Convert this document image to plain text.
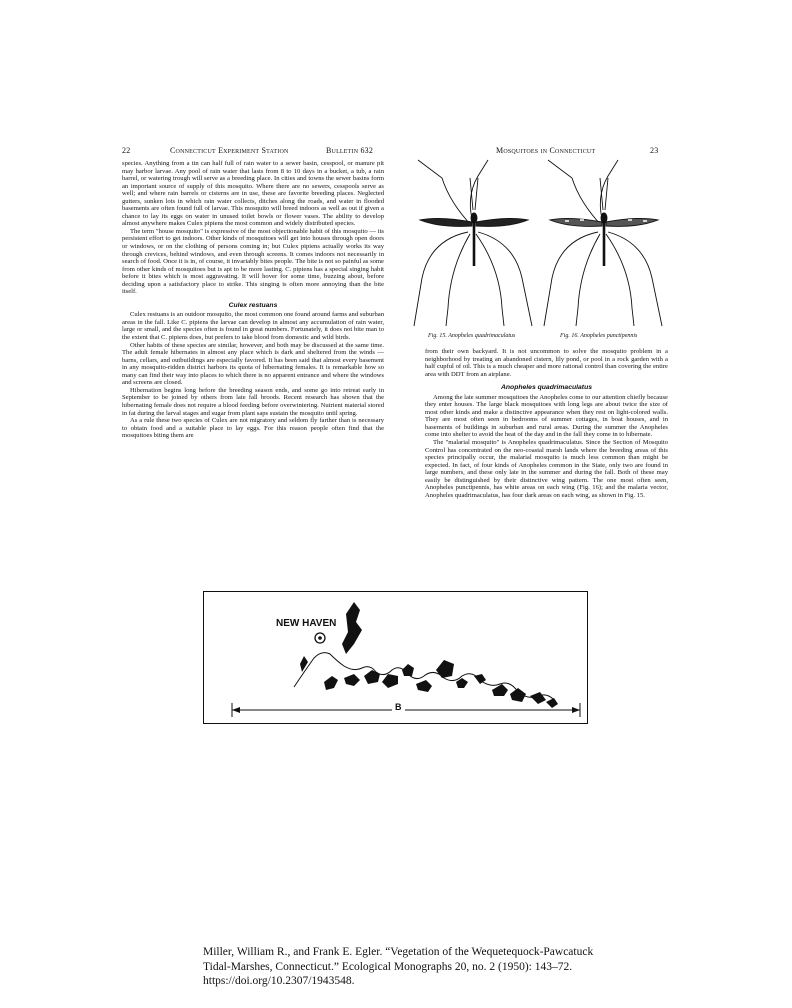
22	Connecticut Experiment Station	Bulletin 632	Mosquitoes in Connecticut	23

species. Anything from a tin can half full of rain water to a sewer basin, cesspool, or manure pit may harbor larvae. Any pool of rain water that lasts from 8 to 10 days in a bucket, a tub, a rain barrel, or watering trough will serve as a breeding place. In cities and towns the sewer basins form an important source of supply of this mosquito. Where there are no sewers, cesspools serve as well; and where rain barrels or cisterns are in use, these are favorite breeding places. Neglected gutters, sunken lots in which rain water collects, ditches along the roads, and water in flooded basements are often found full of larvae. This mosquito will breed indoors as well as out if given a chance to lay its eggs on water in unused toilet bowls or flower vases. The ability to develop almost anywhere makes Culex pipiens the most common and widely distributed species.

The term "house mosquito" is expressive of the most objectionable habit of this mosquito — its persistent effort to get indoors. Other kinds of mosquitoes will get into houses through open doors or windows, or on the clothing of persons coming in; but Culex pipiens actually works its way through crevices, behind windows, and even through screens. It comes indoors not necessarily in search of food. Once it is in, of course, it invariably bites people. The bite is not so painful as some from other kinds of mosquitoes but is apt to be more lasting. C. pipiens has a special singing habit before it bites which is most aggravating. It will hover for some time, buzzing about, before deciding upon a satisfactory place to strike. This singing is often more annoying than the bite itself.

Culex restuans

Culex restuans is an outdoor mosquito, the most common one found around farms and suburban areas in the fall. Like C. pipiens the larvae can develop in almost any accumulation of rain water, large or small, and the species often is found in great numbers. Fortunately, it does not bite man to the extent that C. pipiens does, but prefers to take blood from domestic and wild birds.

Other habits of these species are similar, however, and both may be discussed at the same time. The adult female hibernates in almost any place which is dark and sheltered from the winds — barns, cellars, and outbuildings are especially favored. It has been said that almost every basement in any mosquito-ridden district harbors its quota of hibernating females. It is remarkable how so many can find their way into places to which there is no apparent entrance and where the windows and screens are closed.

Hibernation begins long before the breeding season ends, and some go into retreat early in September to be joined by others from late fall broods. Recent research has shown that the hibernating female does not require a blood feeding before overwintering. Nutrient material stored in fat during the larval stages and sugar from plant saps sustain the mosquito until spring.

As a rule these two species of Culex are not migratory and seldom fly farther than is necessary to obtain food and a suitable place to lay eggs. For this reason people often find that the mosquitoes biting them are

Fig. 15. Anopheles quadrimaculatus	Fig. 16. Anopheles punctipennis

from their own backyard. It is not uncommon to solve the mosquito problem in a neighborhood by treating an abandoned cistern, lily pond, or pool in a rock garden with a half cupful of oil. This is a much cheaper and more rational control than covering the entire area with DDT from an airplane.

Anopheles quadrimaculatus

Among the late summer mosquitoes the Anopheles come to our attention chiefly because they enter houses. The large black mosquitoes with long legs are about twice the size of most other kinds and make a distinctive appearance when they rest on light-colored walls. They are most often seen in bedrooms of summer cottages, in boat houses, and in basements of buildings in suburban and rural areas. During the summer the Anopheles come into shelter to avoid the heat of the day and in the fall they come in to hibernate.

The "malarial mosquito" is Anopheles quadrimaculatus. Since the Section of Mosquito Control has concentrated on the neo-coastal marsh lands where the breeding areas of this species principally occur, the malarial mosquito is much less common than might be expected. In fact, of four kinds of Anopheles common in the State, only two are found in large numbers, and these only late in the summer and during the fall. Both of these may easily be distinguished by their distinctive wing pattern. The one most often seen, Anopheles punctipennis, has white areas on each wing (Fig. 16); and the malaria vector, Anopheles quadrimaculatus, has four dark areas on each wing, as shown in Fig. 15.

NEW HAVEN
B
Miller, William R., and Frank E. Egler. “Vegetation of the Wequetequock-Pawcatuck Tidal-Marshes, Connecticut.” Ecological Monographs 20, no. 2 (1950): 143–72. https://doi.org/10.2307/1943548.
